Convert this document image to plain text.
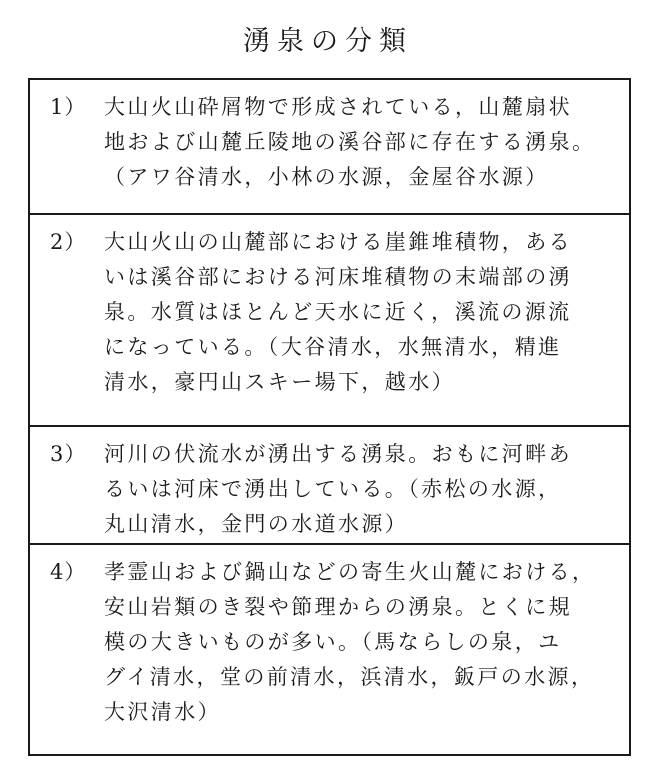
湧泉の分類
1） 大山火山砕屑物で形成されている，山麓扇状
地および山麓丘陵地の溪谷部に存在する湧泉。
（アワ谷清水，小林の水源，金屋谷水源）
2） 大山火山の山麓部における崖錐堆積物，ある
いは溪谷部における河床堆積物の末端部の湧
泉。水質はほとんど天水に近く，溪流の源流
になっている。（大谷清水，水無清水，精進
清水，豪円山スキー場下，越水）
3） 河川の伏流水が湧出する湧泉。おもに河畔あ
るいは河床で湧出している。（赤松の水源，
丸山清水，金門の水道水源）
4） 孝霊山および鍋山などの寄生火山麓における，
安山岩類のき裂や節理からの湧泉。とくに規
模の大きいものが多い。（馬ならしの泉，ユ
グイ清水，堂の前清水，浜清水，鈑戸の水源，
大沢清水）
